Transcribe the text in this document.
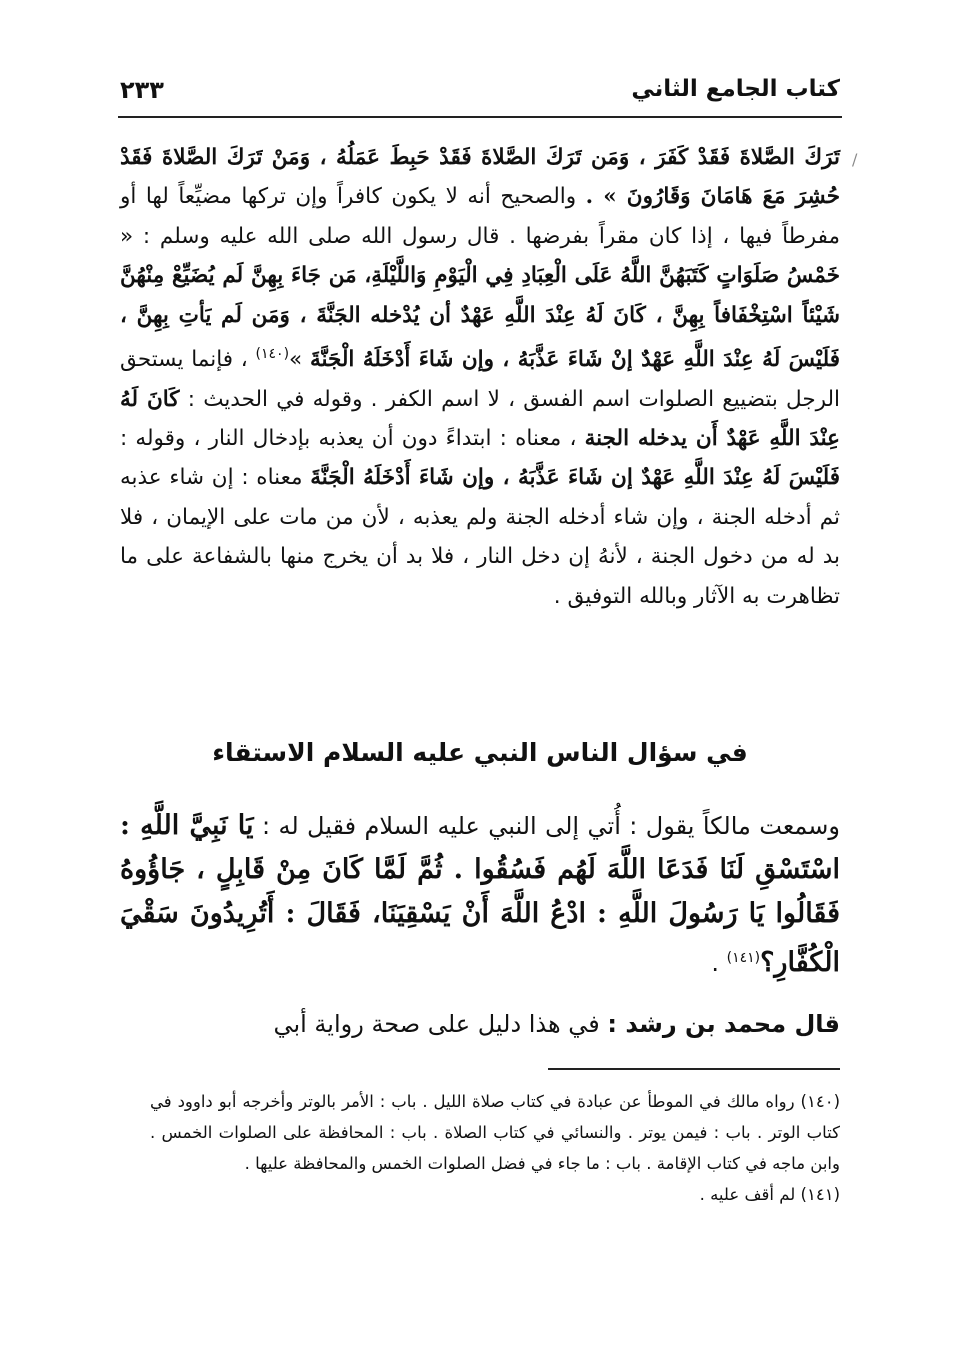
كتاب الجامع الثاني
٢٣٣
/

تَرَكَ الصَّلاةَ فَقَدْ كَفَرَ ، وَمَن تَرَكَ الصَّلاةَ فَقَدْ حَبِطَ عَمَلُهُ ، وَمَنْ تَرَكَ الصَّلاةَ فَقَدْ حُشِرَ مَعَ هَامَانَ وَقَارُونَ » . والصحيح أنه لا يكون كافراً وإن تركها مضيِّعاً لها أو مفرطاً فيها ، إذا كان مقراً بفرضها . قال رسول الله صلى الله عليه وسلم : « خَمْسُ صَلَوَاتٍ كَتَبَهُنَّ اللَّهُ عَلَى الْعِبَادِ فِي الْيَوْمِ وَاللَّيْلَةِ، مَن جَاءَ بِهِنَّ لَم يُضَيِّعْ مِنْهُنَّ شَيْئاً اسْتِخْفَافاً بِهِنَّ ، كَانَ لَهُ عِنْدَ اللَّهِ عَهْدٌ أن يُدْخله الجَنَّةَ ، وَمَن لَم يَأتِ بِهِنَّ ، فَلَيْسَ لَهُ عِنْدَ اللَّهِ عَهْدٌ إنْ شَاءَ عَذَّبَهُ ، وإن شَاءَ أَدْخَلَهُ الْجَنَّةَ »$^{(١٤٠)}$ ، فإنما يستحق الرجل بتضييع الصلوات اسم الفسق ، لا اسم الكفر . وقوله في الحديث : كَانَ لَهُ عِنْدَ اللَّهِ عَهْدٌ أَن يدخله الجنة ، معناه : ابتداءً دون أن يعذبه بإدخال النار ، وقوله : فَلَيْسَ لَهُ عِنْدَ اللَّهِ عَهْدٌ إن شَاءَ عَذَّبَهُ ، وإن شَاءَ أَدْخَلَهُ الْجَنَّةَ معناه : إن شاء عذبه ثم أدخله الجنة ، وإن شاء أدخله الجنة ولم يعذبه ، لأن من مات على الإيمان ، فلا بد له من دخول الجنة ، لأنهُ إن دخل النار ، فلا بد أن يخرج منها بالشفاعة على ما تظاهرت به الآثار وبالله التوفيق .

في سؤال الناس النبي عليه السلام الاستقاء
وسمعت مالكاً يقول : أُتي إلى النبي عليه السلام فقيل له : يَا نَبِيَّ اللَّهِ : اسْتَسْقِ لَنَا فَدَعَا اللَّهَ لَهُم فَسُقُوا . ثُمَّ لَمَّا كَانَ مِنْ قَابِلٍ ، جَاؤُوهُ فَقَالُوا يَا رَسُولَ اللَّهِ : ادْعُ اللَّهَ أَنْ يَسْقِيَنَا، فَقَالَ : أَتُرِيدُونَ سَقْيَ الْكُفَّارِ؟$^{(١٤١)}$ .
قال محمد بن رشد : في هذا دليل على صحة رواية أبي

(١٤٠) رواه مالك في الموطأ عن عبادة في كتاب صلاة الليل . باب : الأمر بالوتر وأخرجه أبو داوود في كتاب الوتر . باب : فيمن يوتر . والنسائي في كتاب الصلاة . باب : المحافظة على الصلوات الخمس . وابن ماجه في كتاب الإقامة . باب : ما جاء في فضل الصلوات الخمس والمحافظة عليها .

(١٤١) لم أقف عليه .
